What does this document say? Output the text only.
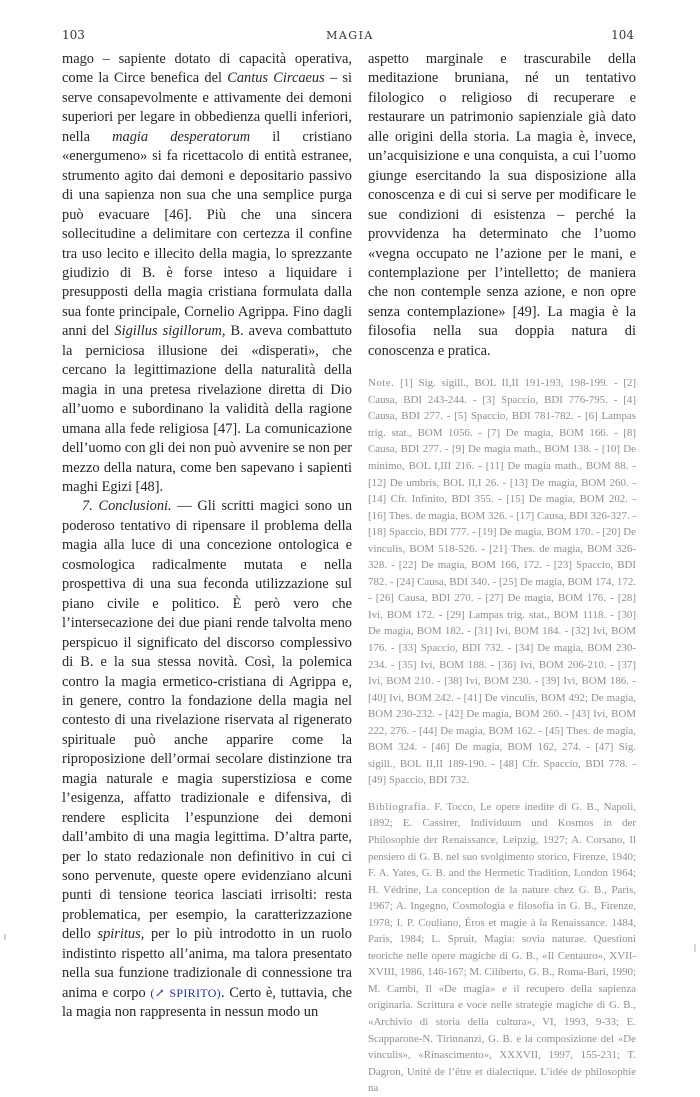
103	MAGIA	104

mago – sapiente dotato di capacità operativa, come la Circe benefica del Cantus Circaeus – si serve consapevolmente e attivamente dei demoni superiori per legare in obbedienza quelli inferiori, nella magia desperatorum il cristiano «energumeno» si fa ricettacolo di entità estranee, strumento agito dai demoni e depositario passivo di una sapienza non sua che una semplice purga può evacuare [46]. Più che una sincera sollecitudine a delimitare con certezza il confine tra uso lecito e illecito della magia, lo sprezzante giudizio di B. è forse inteso a liquidare i presupposti della magia cristiana formulata dalla sua fonte principale, Cornelio Agrippa. Fino dagli anni del Sigillus sigillorum, B. aveva combattuto la perniciosa illusione dei «disperati», che cercano la legittimazione della naturalità della magia in una pretesa rivelazione diretta di Dio all’uomo e subordinano la validità della ragione umana alla fede religiosa [47]. La comunicazione dell’uomo con gli dei non può avvenire se non per mezzo della natura, come ben sapevano i sapienti maghi Egizi [48].

7. Conclusioni. — Gli scritti magici sono un poderoso tentativo di ripensare il problema della magia alla luce di una concezione ontologica e cosmologica radicalmente mutata e nella prospettiva di una sua feconda utilizzazione sul piano civile e politico. È però vero che l’intersecazione dei due piani rende talvolta meno perspicuo il significato del discorso complessivo di B. e la sua stessa novità. Così, la polemica contro la magia ermetico-cristiana di Agrippa e, in genere, contro la fondazione della magia nel contesto di una rivelazione riservata al rigenerato spirituale può anche apparire come la riproposizione dell’ormai secolare distinzione tra magia naturale e magia superstiziosa e come l’esigenza, affatto tradizionale e difensiva, di rendere esplicita l’espunzione dei demoni dall’ambito di una magia legittima. D’altra parte, per lo stato redazionale non definitivo in cui ci sono pervenute, queste opere evidenziano alcuni punti di tensione teorica lasciati irrisolti: resta problematica, per esempio, la caratterizzazione dello spiritus, per lo più introdotto in un ruolo indistinto rispetto all’anima, ma talora presentato nella sua funzione tradizionale di connessione tra anima e corpo (↗ SPIRITO). Certo è, tuttavia, che la magia non rappresenta in nessun modo un

aspetto marginale e trascurabile della meditazione bruniana, né un tentativo filologico o religioso di recuperare e restaurare un patrimonio sapienziale già dato alle origini della storia. La magia è, invece, un’acquisizione e una conquista, a cui l’uomo giunge esercitando la sua disposizione alla conoscenza e di cui si serve per modificare le sue condizioni di esistenza – perché la provvidenza ha determinato che l’uomo «vegna occupato ne l’azione per le mani, e contemplazione per l’intelletto; de maniera che non contemple senza azione, e non opre senza contemplazione» [49]. La magia è la filosofia nella sua doppia natura di conoscenza e pratica.

Note. [1] Sig. sigill., BOL II,II 191-193, 198-199. - [2] Causa, BDI 243-244. - [3] Spaccio, BDI 776-795. - [4] Causa, BDI 277. - [5] Spaccio, BDI 781-782. - [6] Lampas trig. stat., BOM 1056. - [7] De magia, BOM 166. - [8] Causa, BDI 277. - [9] De magia math., BOM 138. - [10] De minimo, BOL I,III 216. - [11] De magia math., BOM 88. - [12] De umbris, BOL II,I 26. - [13] De magia, BOM 260. - [14] Cfr. Infinito, BDI 355. - [15] De magia, BOM 202. - [16] Thes. de magia, BOM 326. - [17] Causa, BDI 326-327. - [18] Spaccio, BDI 777. - [19] De magia, BOM 170. - [20] De vinculis, BOM 518-526. - [21] Thes. de magia, BOM 326-328. - [22] De magia, BOM 166, 172. - [23] Spaccio, BDI 782. - [24] Causa, BDI 340. - [25] De magia, BOM 174, 172. - [26] Causa, BDI 270. - [27] De magia, BOM 176. - [28] Ivi, BOM 172. - [29] Lampas trig. stat., BOM 1118. - [30] De magia, BOM 182. - [31] Ivi, BOM 184. - [32] Ivi, BOM 176. - [33] Spaccio, BDI 732. - [34] De magia, BOM 230-234. - [35] Ivi, BOM 188. - [36] Ivi, BOM 206-210. - [37] Ivi, BOM 210. - [38] Ivi, BOM 230. - [39] Ivi, BOM 186. - [40] Ivi, BOM 242. - [41] De vinculis, BOM 492; De magia, BOM 230-232. - [42] De magia, BOM 260. - [43] Ivi, BOM 222, 276. - [44] De magia, BOM 162. - [45] Thes. de magia, BOM 324. - [46] De magia, BOM 162, 274. - [47] Sig. sigill., BOL II,II 189-190. - [48] Cfr. Spaccio, BDI 778. - [49] Spaccio, BDI 732.

Bibliografia. F. Tocco, Le opere inedite di G. B., Napoli, 1892; E. Cassirer, Individuum und Kosmos in der Philosophie der Renaissance, Leipzig, 1927; A. Corsano, Il pensiero di G. B. nel suo svolgimento storico, Firenze, 1940; F. A. Yates, G. B. and the Hermetic Tradition, London 1964; H. Védrine, La conception de la nature chez G. B., Paris, 1967; A. Ingegno, Cosmologia e filosofia in G. B., Firenze, 1978; I. P. Couliano, Éros et magie à la Renaissance. 1484, Paris, 1984; L. Spruit, Magia: sovia naturae. Questioni teoriche nelle opere magiche di G. B., «Il Centauro», XVII-XVIII, 1986, 146-167; M. Ciliberto, G. B., Roma-Bari, 1990; M. Cambi, Il «De magia» e il recupero della sapienza originaria. Scrittura e voce nelle strategie magiche di G. B., «Archivio di storia della cultura», VI, 1993, 9-33; E. Scapparone-N. Tirinnanzi, G. B. e la composizione del «De vinculis», «Rinascimento», XXXVII, 1997, 155-231; T. Dagron, Unité de l’être et dialectique. L’idée de philosophie na
